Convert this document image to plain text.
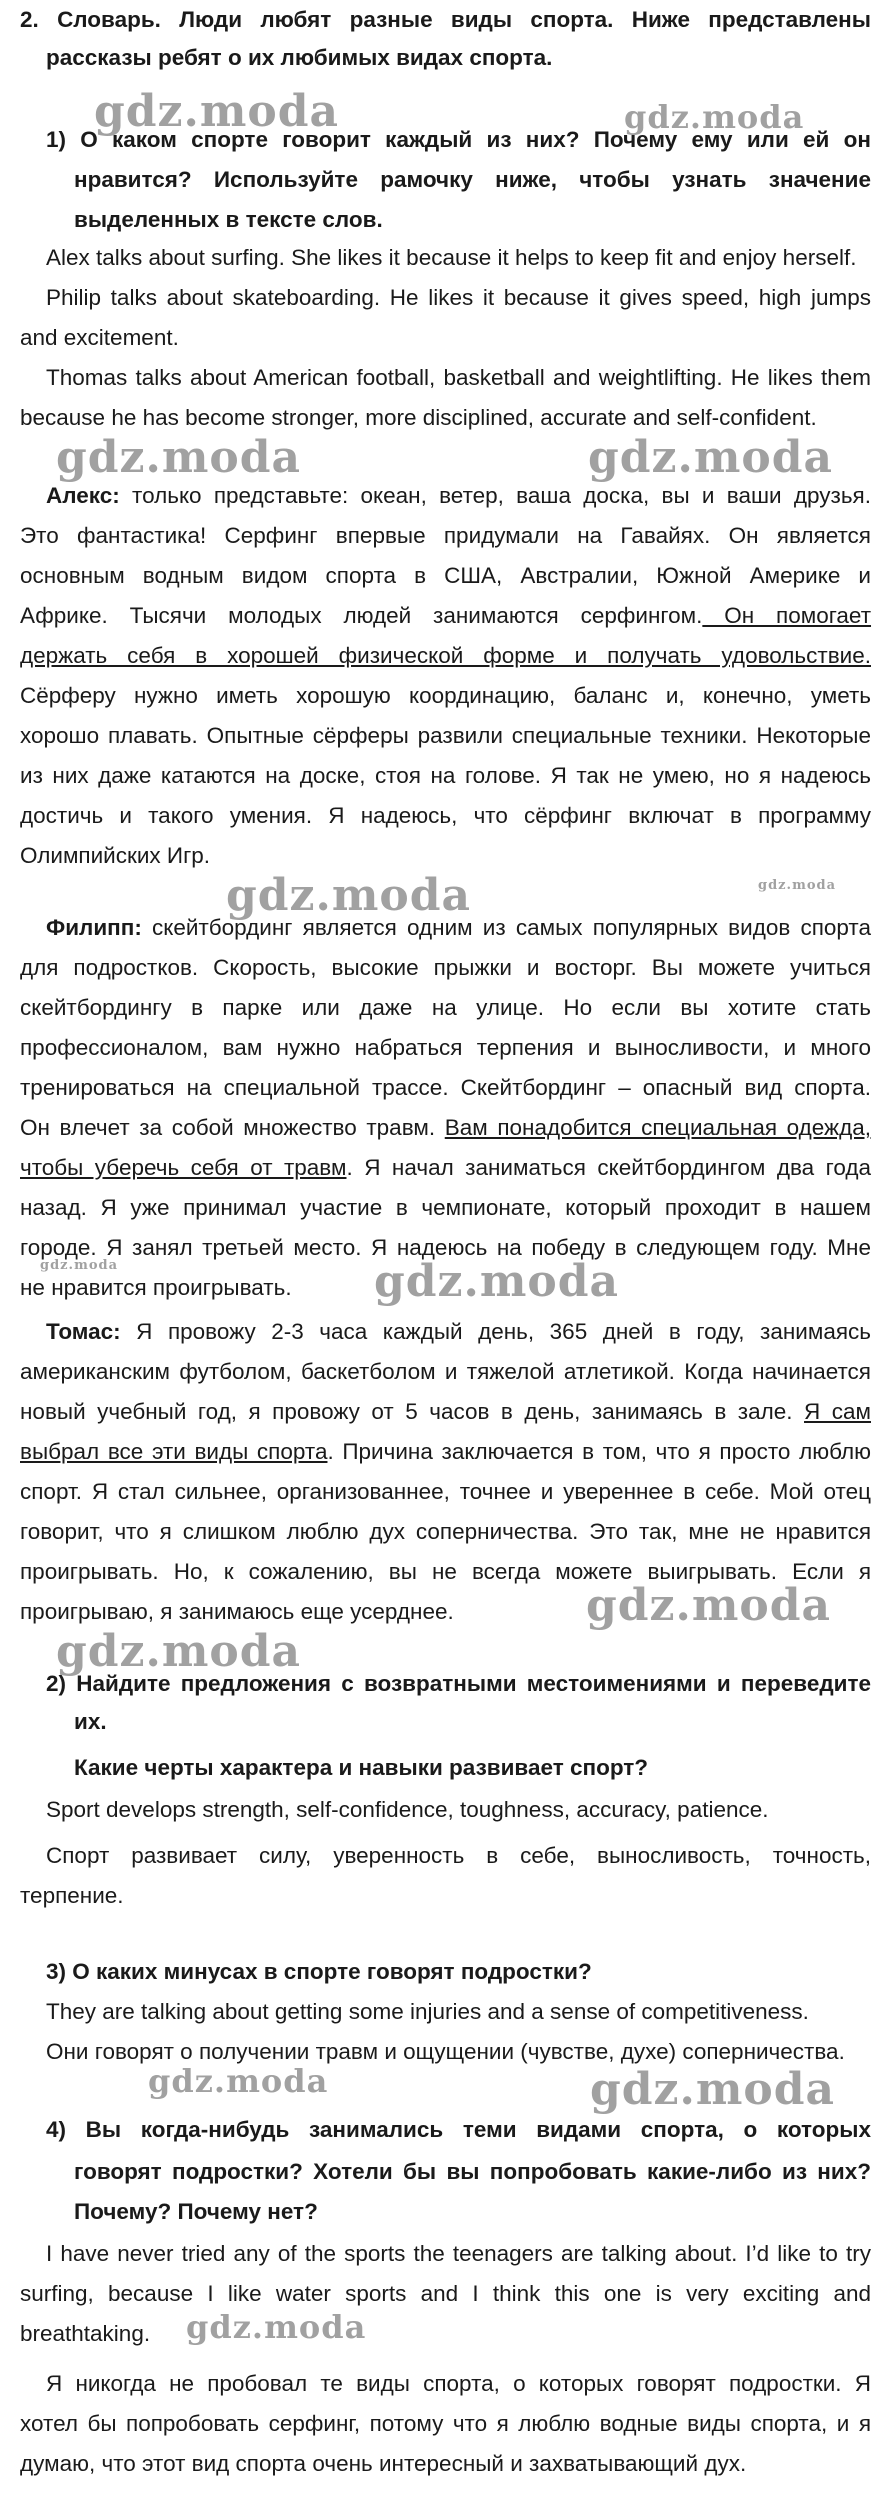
2. Словарь. Люди любят разные виды спорта. Ниже представлены
рассказы ребят о их любимых видах спорта.
gdz.moda	gdz.moda
1) О каком спорте говорит каждый из них? Почему ему или ей он
нравится? Используйте рамочку ниже, чтобы узнать значение
выделенных в тексте слов.
Alex talks about surfing. She likes it because it helps to keep fit and enjoy herself.
Philip talks about skateboarding. He likes it because it gives speed, high jumps
and excitement.
Thomas talks about American football, basketball and weightlifting. He likes them
because he has become stronger, more disciplined, accurate and self-confident.
gdz.moda	gdz.moda
Алекс: только представьте: океан, ветер, ваша доска, вы и ваши друзья.
Это фантастика! Серфинг впервые придумали на Гавайях. Он является
основным водным видом спорта в США, Австралии, Южной Америке и
Африке. Тысячи молодых людей занимаются серфингом. Он помогает
держать себя в хорошей физической форме и получать удовольствие.
Сёрферу нужно иметь хорошую координацию, баланс и, конечно, уметь
хорошо плавать. Опытные сёрферы развили специальные техники. Некоторые
из них даже катаются на доске, стоя на голове. Я так не умею, но я надеюсь
достичь и такого умения. Я надеюсь, что сёрфинг включат в программу
Олимпийских Игр.
gdz.moda	gdz.moda
Филипп: скейтбординг является одним из самых популярных видов спорта
для подростков. Скорость, высокие прыжки и восторг. Вы можете учиться
скейтбордингу в парке или даже на улице. Но если вы хотите стать
профессионалом, вам нужно набраться терпения и выносливости, и много
тренироваться на специальной трассе. Скейтбординг – опасный вид спорта.
Он влечет за собой множество травм. Вам понадобится специальная одежда,
чтобы уберечь себя от травм. Я начал заниматься скейтбордингом два года
назад. Я уже принимал участие в чемпионате, который проходит в нашем
городе. Я занял третьей место. Я надеюсь на победу в следующем году. Мне
не нравится проигрывать.
gdz.moda	gdz.moda
Томас: Я провожу 2-3 часа каждый день, 365 дней в году, занимаясь
американским футболом, баскетболом и тяжелой атлетикой. Когда начинается
новый учебный год, я провожу от 5 часов в день, занимаясь в зале. Я сам
выбрал все эти виды спорта. Причина заключается в том, что я просто люблю
спорт. Я стал сильнее, организованнее, точнее и увереннее в себе. Мой отец
говорит, что я слишком люблю дух соперничества. Это так, мне не нравится
проигрывать. Но, к сожалению, вы не всегда можете выигрывать. Если я
проигрываю, я занимаюсь еще усерднее.
gdz.moda
gdz.moda
2) Найдите предложения с возвратными местоимениями и переведите
их.
Какие черты характера и навыки развивает спорт?
Sport develops strength, self-confidence, toughness, accuracy, patience.
Спорт развивает силу, уверенность в себе, выносливость, точность,
терпение.
3) О каких минусах в спорте говорят подростки?
They are talking about getting some injuries and a sense of competitiveness.
Они говорят о получении травм и ощущении (чувстве, духе) соперничества.
gdz.moda	gdz.moda
4) Вы когда-нибудь занимались теми видами спорта, о которых
говорят подростки? Хотели бы вы попробовать какие-либо из них?
Почему? Почему нет?
I have never tried any of the sports the teenagers are talking about. I’d like to try
surfing, because I like water sports and I think this one is very exciting and
breathtaking.	gdz.moda
Я никогда не пробовал те виды спорта, о которых говорят подростки. Я
хотел бы попробовать серфинг, потому что я люблю водные виды спорта, и я
думаю, что этот вид спорта очень интересный и захватывающий дух.
